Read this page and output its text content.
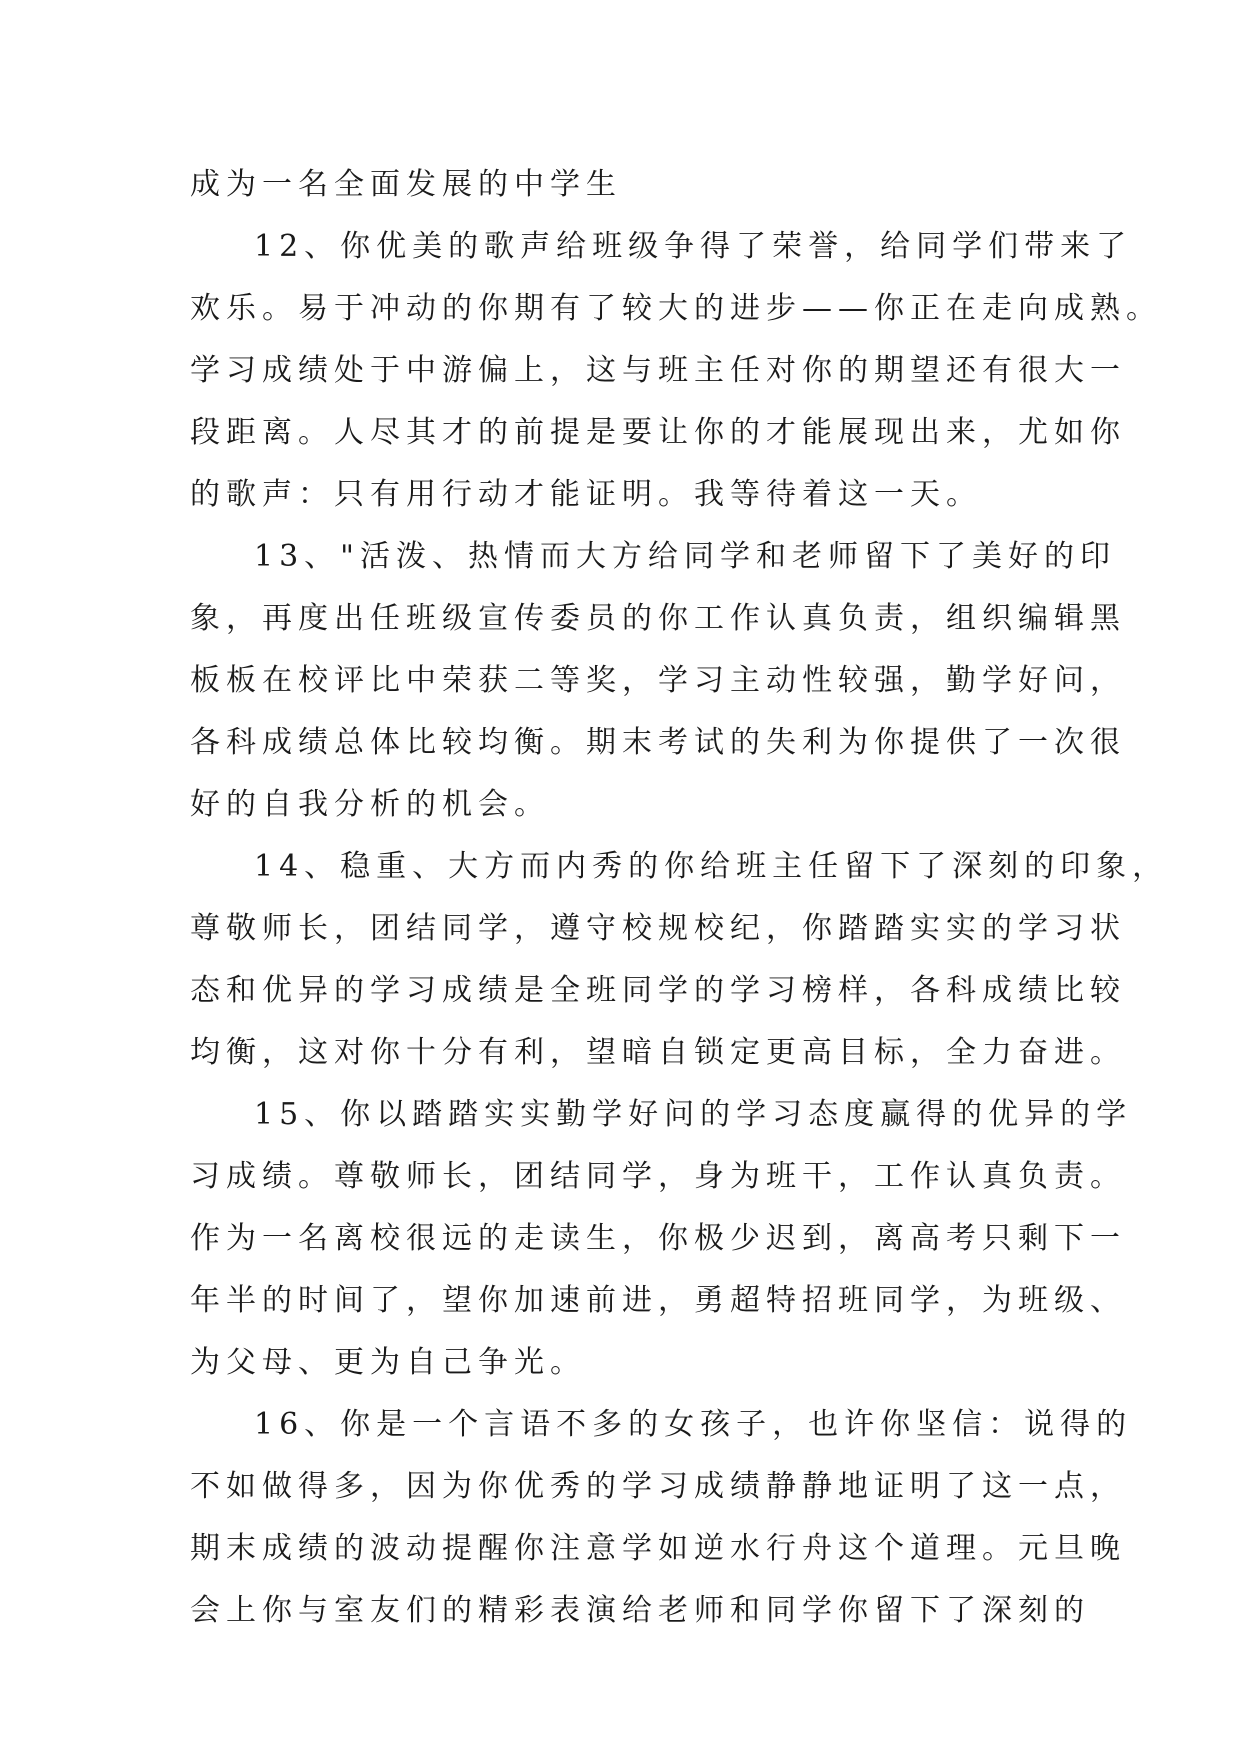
成为一名全面发展的中学生
12、你优美的歌声给班级争得了荣誉，给同学们带来了
欢乐。易于冲动的你期有了较大的进步——你正在走向成熟。
学习成绩处于中游偏上，这与班主任对你的期望还有很大一
段距离。人尽其才的前提是要让你的才能展现出来，尤如你
的歌声：只有用行动才能证明。我等待着这一天。
13、"活泼、热情而大方给同学和老师留下了美好的印
象，再度出任班级宣传委员的你工作认真负责，组织编辑黑
板板在校评比中荣获二等奖，学习主动性较强，勤学好问，
各科成绩总体比较均衡。期末考试的失利为你提供了一次很
好的自我分析的机会。
14、稳重、大方而内秀的你给班主任留下了深刻的印象，
尊敬师长，团结同学，遵守校规校纪，你踏踏实实的学习状
态和优异的学习成绩是全班同学的学习榜样，各科成绩比较
均衡，这对你十分有利，望暗自锁定更高目标，全力奋进。
15、你以踏踏实实勤学好问的学习态度赢得的优异的学
习成绩。尊敬师长，团结同学，身为班干，工作认真负责。
作为一名离校很远的走读生，你极少迟到，离高考只剩下一
年半的时间了，望你加速前进，勇超特招班同学，为班级、
为父母、更为自己争光。
16、你是一个言语不多的女孩子，也许你坚信：说得的
不如做得多，因为你优秀的学习成绩静静地证明了这一点，
期末成绩的波动提醒你注意学如逆水行舟这个道理。元旦晚
会上你与室友们的精彩表演给老师和同学你留下了深刻的
